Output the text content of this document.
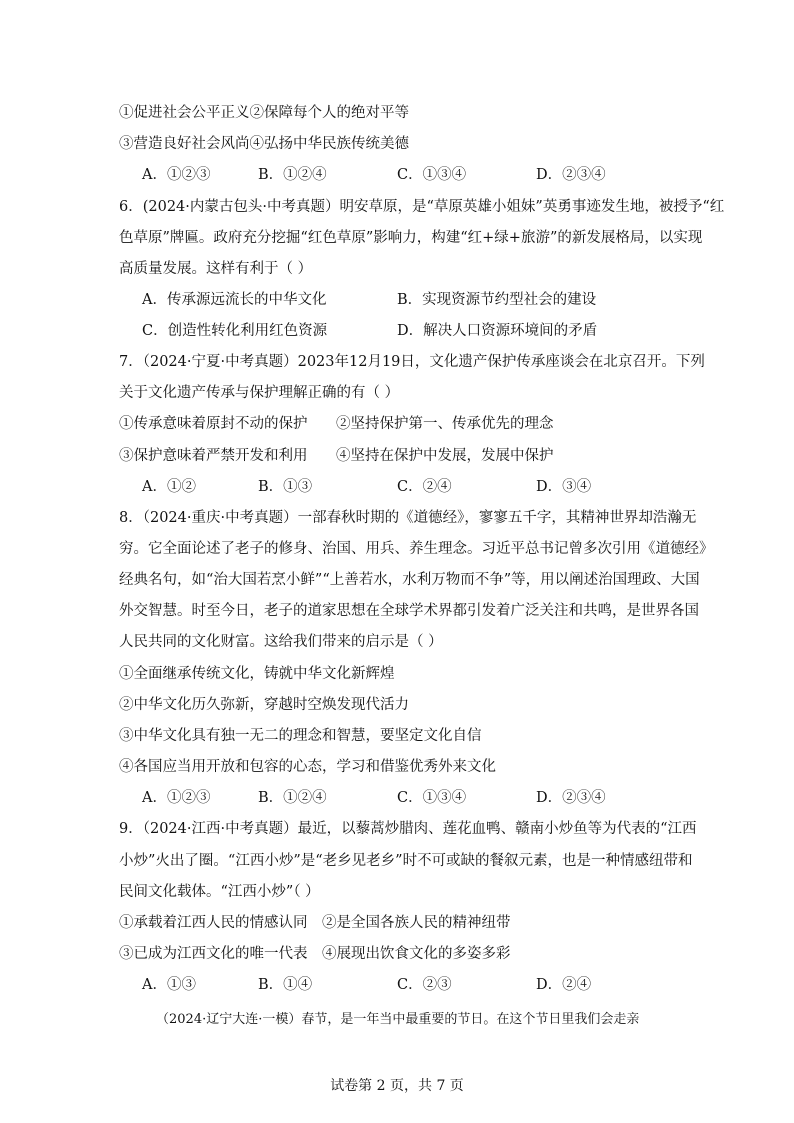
①促进社会公平正义②保障每个人的绝对平等
③营造良好社会风尚④弘扬中华民族传统美德
A．①②③	B．①②④	C．①③④	D．②③④
6．(2024·内蒙古包头·中考真题）明安草原，是“草原英雄小姐妹”英勇事迹发生地，被授予“红
色草原”牌匾。政府充分挖掘“红色草原”影响力，构建“红+绿+旅游”的新发展格局，以实现
高质量发展。这样有利于（ ）
A．传承源远流长的中华文化	B．实现资源节约型社会的建设
C．创造性转化利用红色资源	D．解决人口资源环境间的矛盾
7．（2024·宁夏·中考真题）2023年12月19日，文化遗产保护传承座谈会在北京召开。下列
关于文化遗产传承与保护理解正确的有（ ）
①传承意味着原封不动的保护 ②坚持保护第一、传承优先的理念
③保护意味着严禁开发和利用 ④坚持在保护中发展，发展中保护
A．①②	B．①③	C．②④	D．③④
8．（2024·重庆·中考真题）一部春秋时期的《道德经》，寥寥五千字，其精神世界却浩瀚无
穷。它全面论述了老子的修身、治国、用兵、养生理念。习近平总书记曾多次引用《道德经》
经典名句，如“治大国若烹小鲜”“上善若水，水利万物而不争”等，用以阐述治国理政、大国
外交智慧。时至今日，老子的道家思想在全球学术界都引发着广泛关注和共鸣，是世界各国
人民共同的文化财富。这给我们带来的启示是（ ）
①全面继承传统文化，铸就中华文化新辉煌
②中华文化历久弥新，穿越时空焕发现代活力
③中华文化具有独一无二的理念和智慧，要坚定文化自信
④各国应当用开放和包容的心态，学习和借鉴优秀外来文化
A．①②③	B．①②④	C．①③④	D．②③④
9．（2024·江西·中考真题）最近，以藜蒿炒腊肉、莲花血鸭、赣南小炒鱼等为代表的“江西
小炒”火出了圈。“江西小炒”是“老乡见老乡”时不可或缺的餐叙元素，也是一种情感纽带和
民间文化载体。“江西小炒”（ ）
①承载着江西人民的情感认同 ②是全国各族人民的精神纽带
③已成为江西文化的唯一代表 ④展现出饮食文化的多姿多彩
A．①③	B．①④	C．②③	D．②④
（2024·辽宁大连·一模）春节，是一年当中最重要的节日。在这个节日里我们会走亲
试卷第 2 页，共 7 页
